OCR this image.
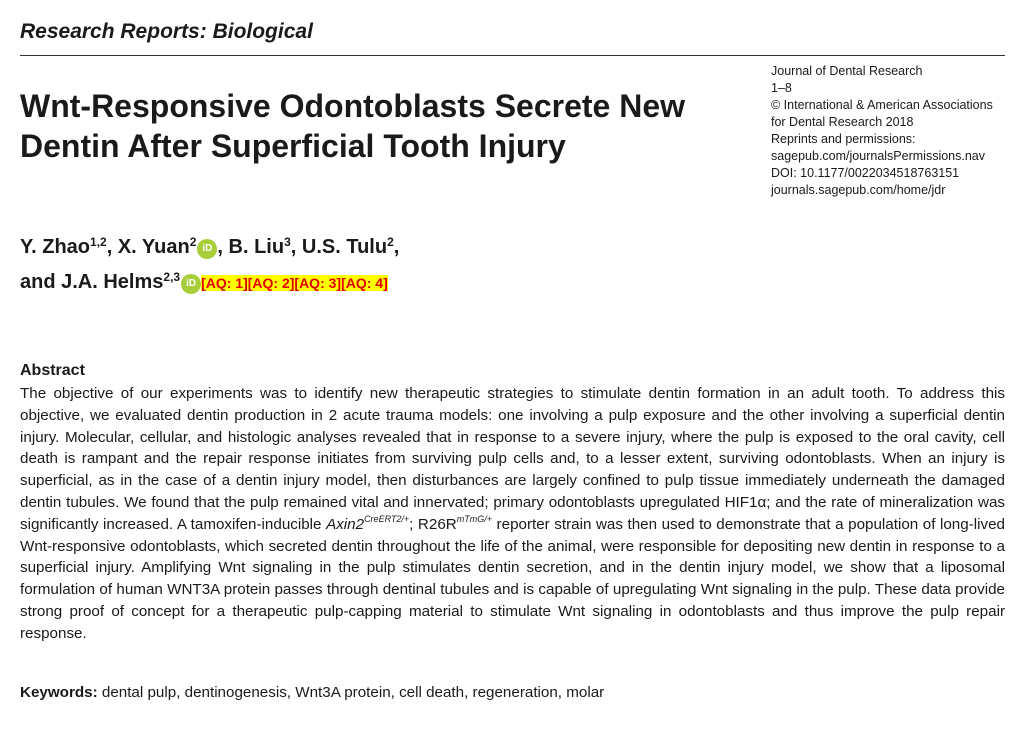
Research Reports: Biological
Journal of Dental Research
1–8
© International & American Associations
for Dental Research 2018
Reprints and permissions:
sagepub.com/journalsPermissions.nav
DOI: 10.1177/0022034518763151
journals.sagepub.com/home/jdr
Wnt-Responsive Odontoblasts Secrete New Dentin After Superficial Tooth Injury
Y. Zhao$^{1,2}$, X. Yuan$^2$ iD , B. Liu$^3$, U.S. Tulu$^2$,
and J.A. Helms$^{2,3}$ iD [AQ: 1][AQ: 2][AQ: 3][AQ: 4]
Abstract

The objective of our experiments was to identify new therapeutic strategies to stimulate dentin formation in an adult tooth. To address this objective, we evaluated dentin production in 2 acute trauma models: one involving a pulp exposure and the other involving a superficial dentin injury. Molecular, cellular, and histologic analyses revealed that in response to a severe injury, where the pulp is exposed to the oral cavity, cell death is rampant and the repair response initiates from surviving pulp cells and, to a lesser extent, surviving odontoblasts. When an injury is superficial, as in the case of a dentin injury model, then disturbances are largely confined to pulp tissue immediately underneath the damaged dentin tubules. We found that the pulp remained vital and innervated; primary odontoblasts upregulated HIF1α; and the rate of mineralization was significantly increased. A tamoxifen-inducible $Axin2^{CreERT2/+}$; $R26R^{mTmG/+}$ reporter strain was then used to demonstrate that a population of long-lived Wnt-responsive odontoblasts, which secreted dentin throughout the life of the animal, were responsible for depositing new dentin in response to a superficial injury. Amplifying Wnt signaling in the pulp stimulates dentin secretion, and in the dentin injury model, we show that a liposomal formulation of human WNT3A protein passes through dentinal tubules and is capable of upregulating Wnt signaling in the pulp. These data provide strong proof of concept for a therapeutic pulp-capping material to stimulate Wnt signaling in odontoblasts and thus improve the pulp repair response.

Keywords: dental pulp, dentinogenesis, Wnt3A protein, cell death, regeneration, molar
